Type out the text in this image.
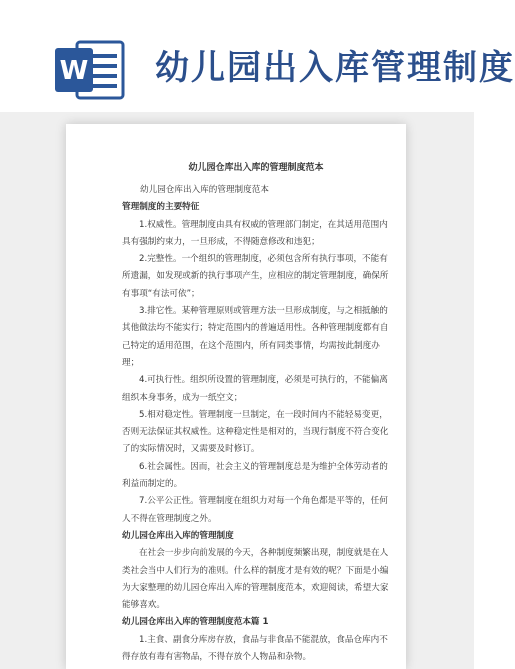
W 幼儿园出入库管理制度

幼儿园仓库出入库的管理制度范本

幼儿园仓库出入库的管理制度范本

管理制度的主要特征

1.权威性。管理制度由具有权威的管理部门制定，在其适用范围内具有强制约束力，一旦形成，不得随意修改和违犯；

2.完整性。一个组织的管理制度，必须包含所有执行事项，不能有所遗漏，如发现或新的执行事项产生，应相应的制定管理制度，确保所有事项“有法可依”；

3.排它性。某种管理原则或管理方法一旦形成制度，与之相抵触的其他做法均不能实行；特定范围内的普遍适用性。各种管理制度都有自己特定的适用范围，在这个范围内，所有同类事情，均需按此制度办理；

4.可执行性。组织所设置的管理制度，必须是可执行的，不能偏离组织本身事务，成为一纸空文；

5.相对稳定性。管理制度一旦制定，在一段时间内不能轻易变更，否则无法保证其权威性。这种稳定性是相对的，当现行制度不符合变化了的实际情况时，又需要及时修订。

6.社会属性。因而，社会主义的管理制度总是为维护全体劳动者的利益而制定的。

7.公平公正性。管理制度在组织力对每一个角色都是平等的，任何人不得在管理制度之外。

幼儿园仓库出入库的管理制度

在社会一步步向前发展的今天，各种制度频繁出现，制度就是在人类社会当中人们行为的准则。什么样的制度才是有效的呢？下面是小编为大家整理的幼儿园仓库出入库的管理制度范本，欢迎阅读，希望大家能够喜欢。

幼儿园仓库出入库的管理制度范本篇 1

1.主食、副食分库房存放，食品与非食品不能混放，食品仓库内不得存放有毒有害物品，不得存放个人物品和杂物。
